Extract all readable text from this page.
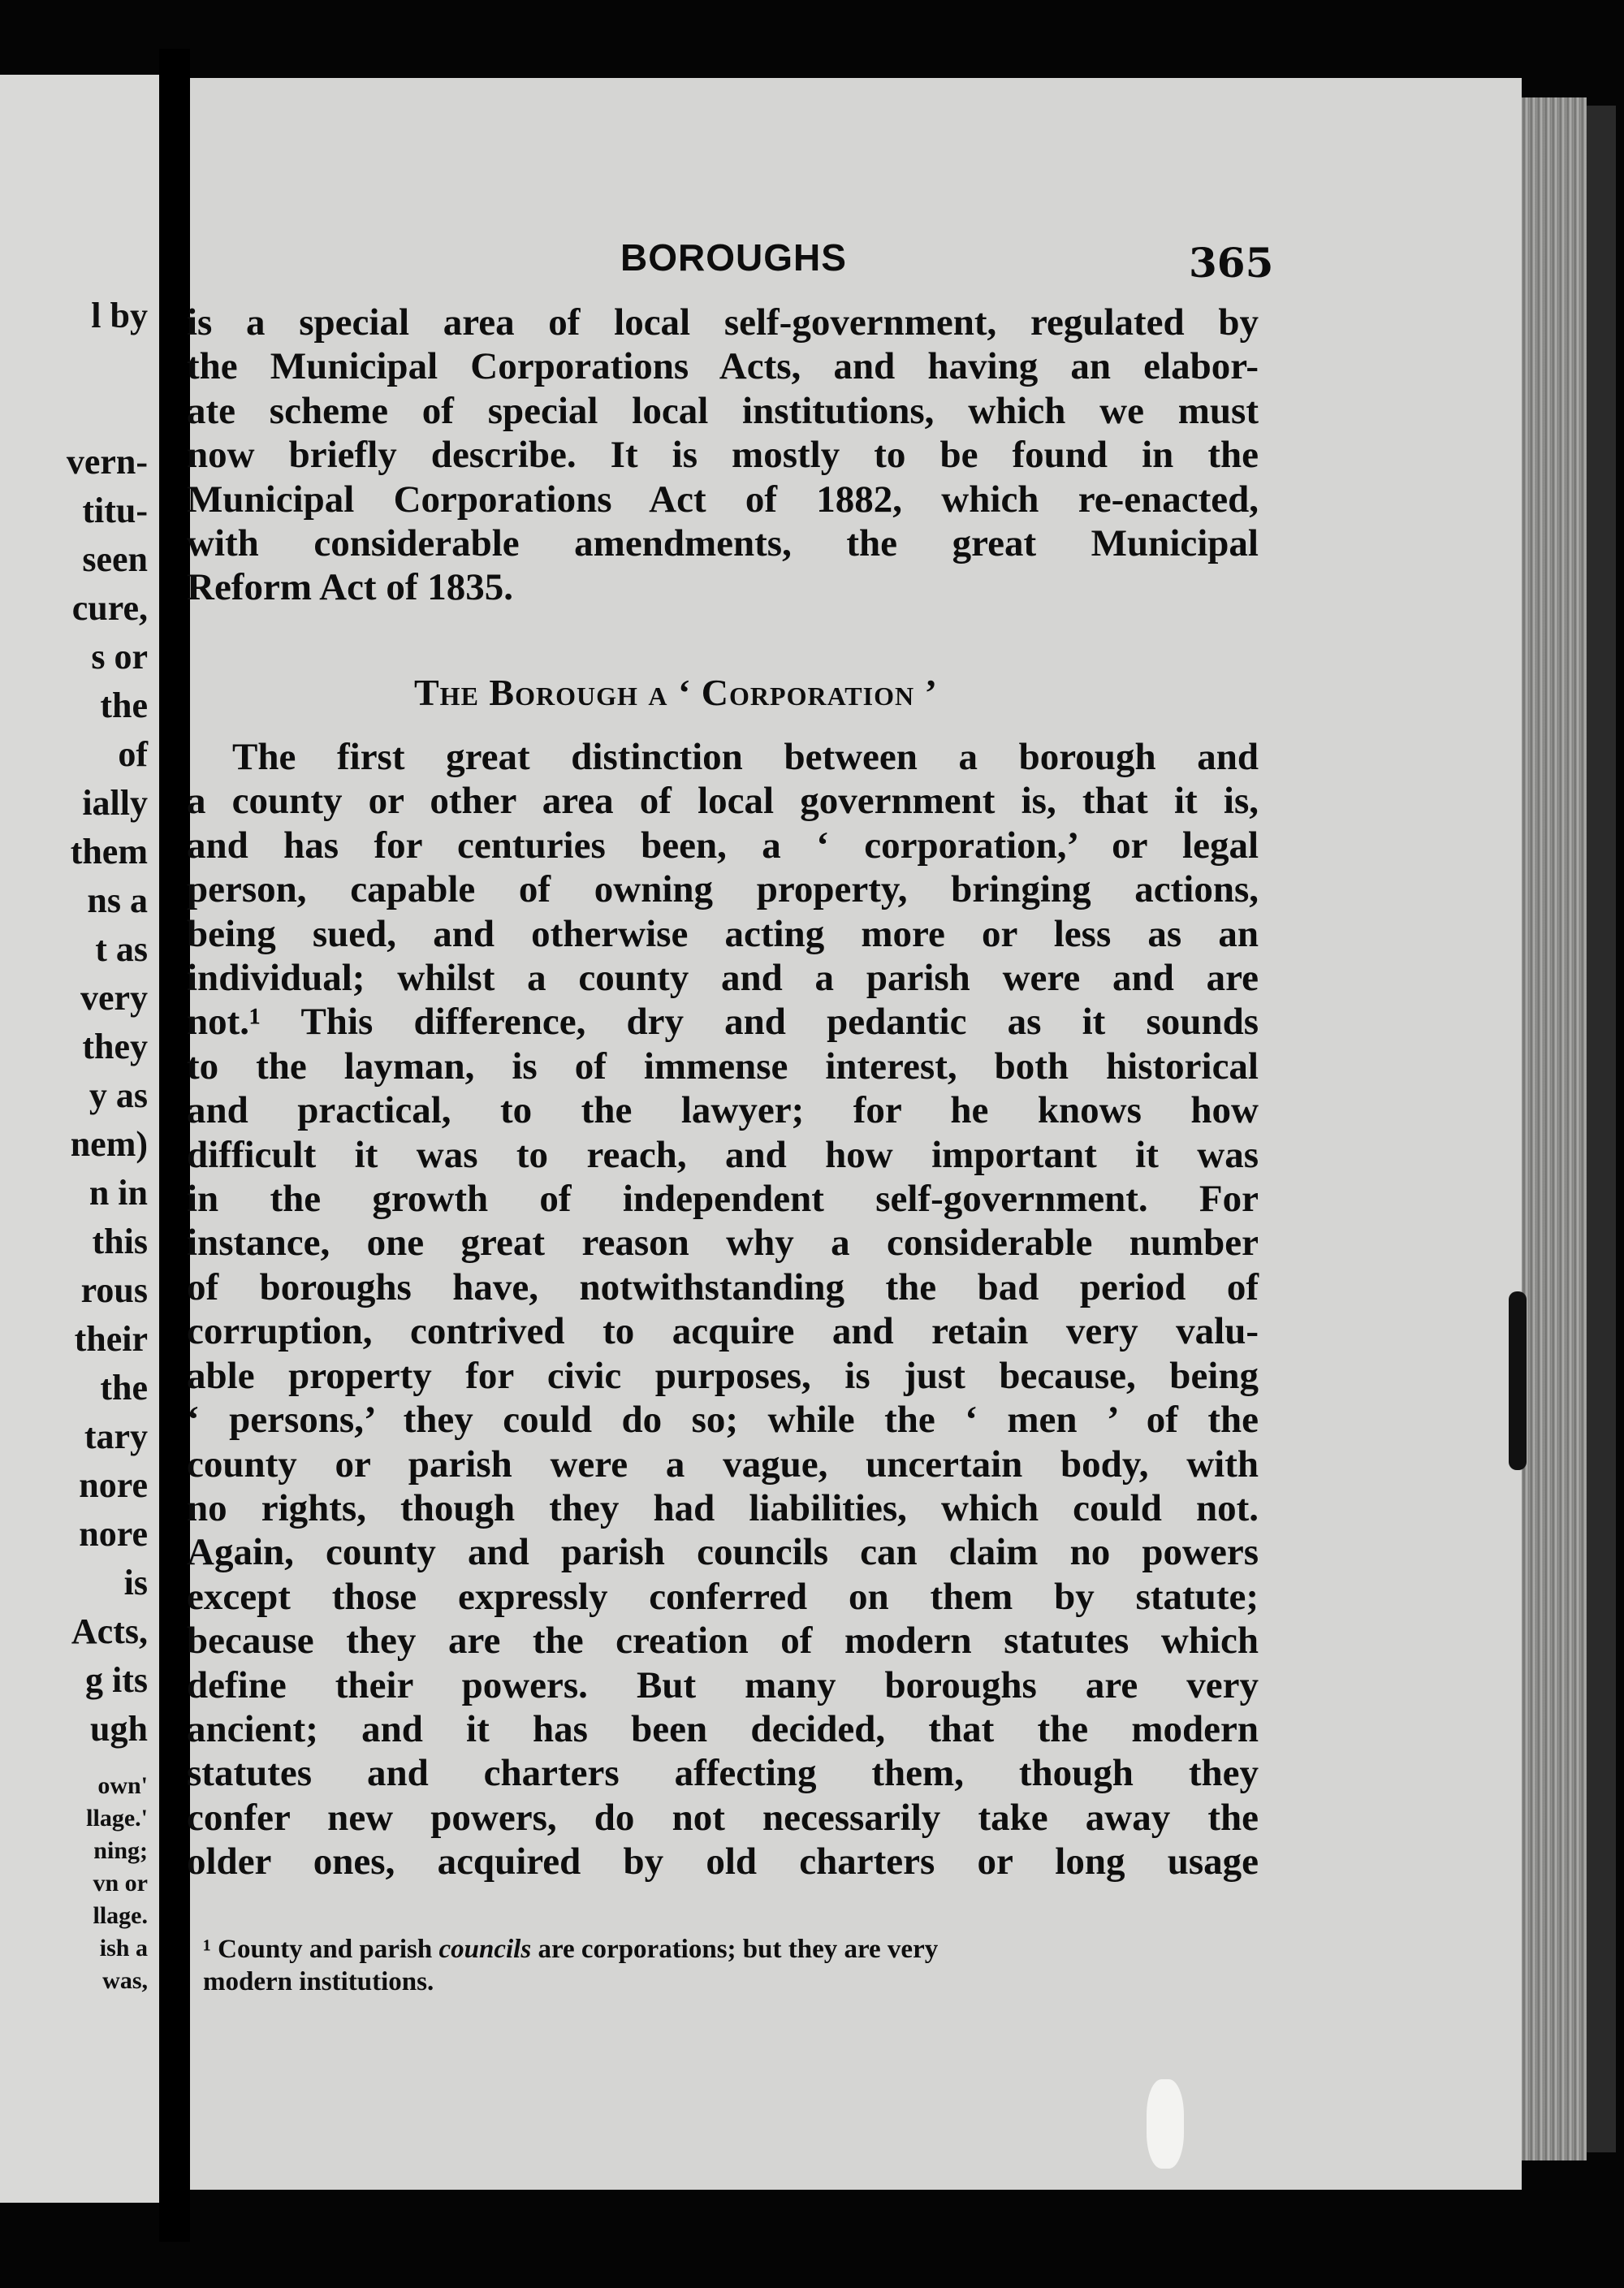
l by
vern-
titu-
seen
cure,
s or
the
of
ially
them
ns a
t as
very
they
y as
nem)
n in
this
rous
their
the
tary
nore
nore
is
Acts,
g its
ugh
own'
llage.'
ning;
vn or
llage.
ish a
was,
BOROUGHS	365
is a special area of local self-government, regulated by
the Municipal Corporations Acts, and having an elabor-
ate scheme of special local institutions, which we must
now briefly describe. It is mostly to be found in the
Municipal Corporations Act of 1882, which re-enacted,
with considerable amendments, the great Municipal
Reform Act of 1835.
The Borough a ‘ Corporation ’
The first great distinction between a borough and
a county or other area of local government is, that it is,
and has for centuries been, a ‘ corporation,’ or legal
person, capable of owning property, bringing actions,
being sued, and otherwise acting more or less as an
individual; whilst a county and a parish were and are
not.¹ This difference, dry and pedantic as it sounds
to the layman, is of immense interest, both historical
and practical, to the lawyer; for he knows how
difficult it was to reach, and how important it was
in the growth of independent self-government. For
instance, one great reason why a considerable number
of boroughs have, notwithstanding the bad period of
corruption, contrived to acquire and retain very valu-
able property for civic purposes, is just because, being
‘ persons,’ they could do so; while the ‘ men ’ of the
county or parish were a vague, uncertain body, with
no rights, though they had liabilities, which could not.
Again, county and parish councils can claim no powers
except those expressly conferred on them by statute;
because they are the creation of modern statutes which
define their powers. But many boroughs are very
ancient; and it has been decided, that the modern
statutes and charters affecting them, though they
confer new powers, do not necessarily take away the
older ones, acquired by old charters or long usage
¹ County and parish councils are corporations; but they are very
modern institutions.
